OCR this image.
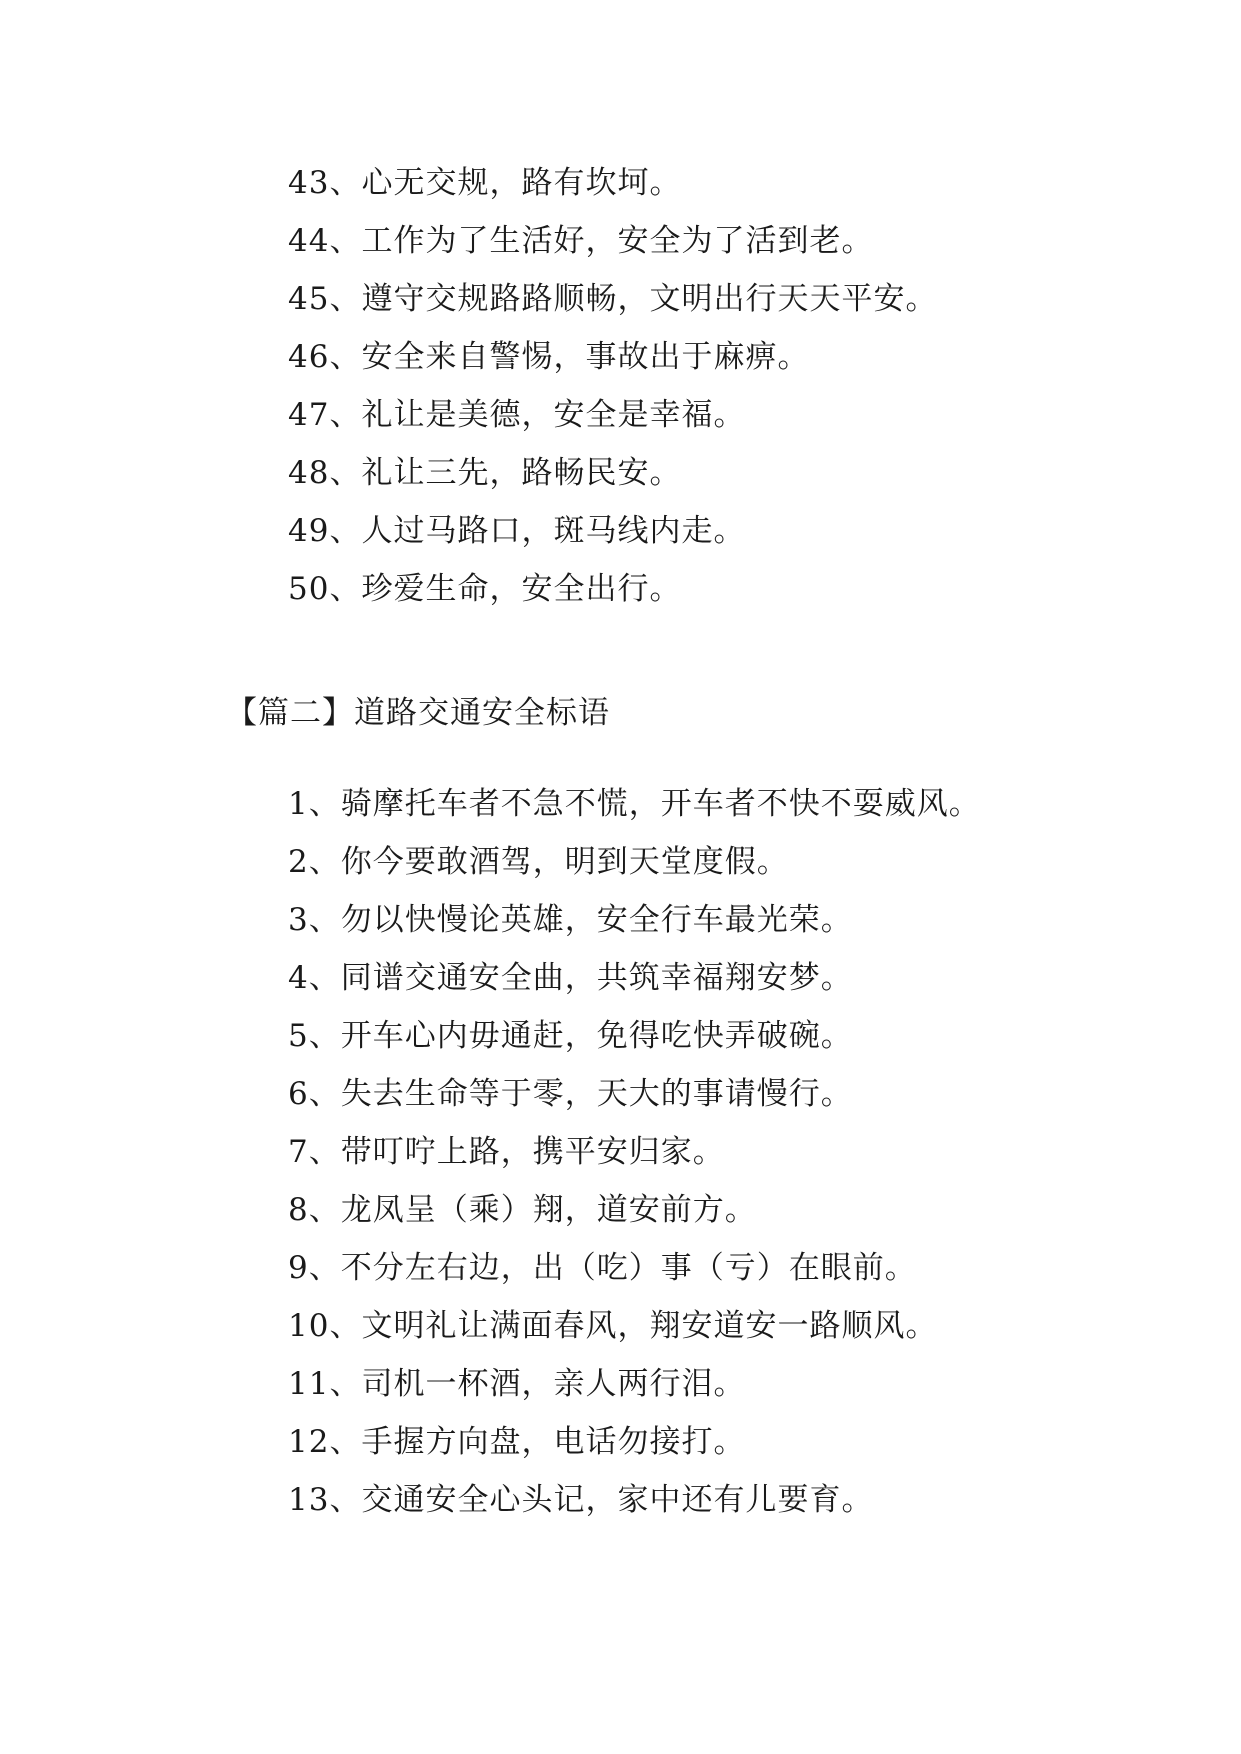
43、心无交规，路有坎坷。
44、工作为了生活好，安全为了活到老。
45、遵守交规路路顺畅，文明出行天天平安。
46、安全来自警惕，事故出于麻痹。
47、礼让是美德，安全是幸福。
48、礼让三先，路畅民安。
49、人过马路口，斑马线内走。
50、珍爱生命，安全出行。
【篇二】道路交通安全标语
1、骑摩托车者不急不慌，开车者不快不耍威风。
2、你今要敢酒驾，明到天堂度假。
3、勿以快慢论英雄，安全行车最光荣。
4、同谱交通安全曲，共筑幸福翔安梦。
5、开车心内毋通赶，免得吃快弄破碗。
6、失去生命等于零，天大的事请慢行。
7、带叮咛上路，携平安归家。
8、龙凤呈（乘）翔，道安前方。
9、不分左右边，出（吃）事（亏）在眼前。
10、文明礼让满面春风，翔安道安一路顺风。
11、司机一杯酒，亲人两行泪。
12、手握方向盘，电话勿接打。
13、交通安全心头记，家中还有儿要育。
